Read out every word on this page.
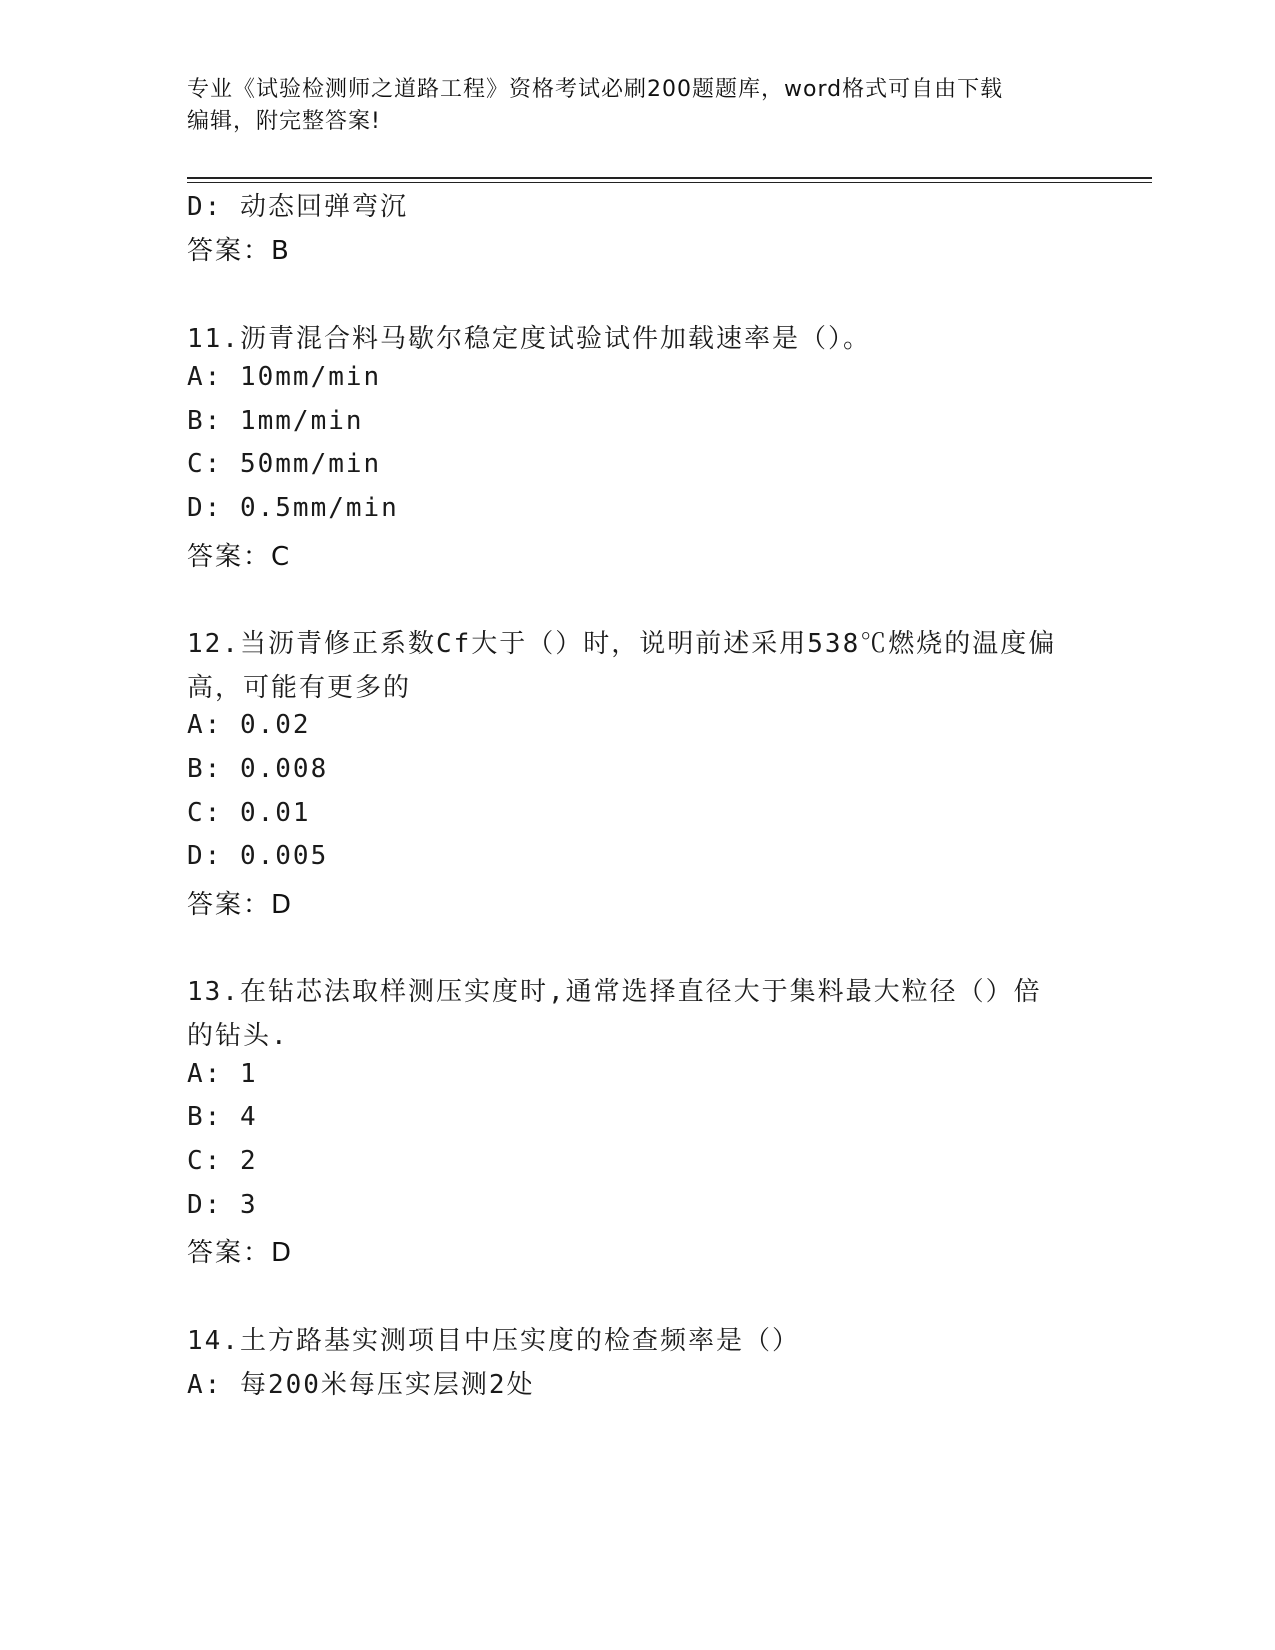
专业《试验检测师之道路工程》资格考试必刷200题题库，word格式可自由下载
编辑，附完整答案!
D: 动态回弹弯沉
答案：B
11.沥青混合料马歇尔稳定度试验试件加载速率是（）。
A: 10mm/min
B: 1mm/min
C: 50mm/min
D: 0.5mm/min
答案：C
12.当沥青修正系数Cf大于（）时，说明前述采用538℃燃烧的温度偏
高，可能有更多的
A: 0.02
B: 0.008
C: 0.01
D: 0.005
答案：D
13.在钻芯法取样测压实度时,通常选择直径大于集料最大粒径（）倍
的钻头.
A: 1
B: 4
C: 2
D: 3
答案：D
14.土方路基实测项目中压实度的检查频率是（）
A: 每200米每压实层测2处
